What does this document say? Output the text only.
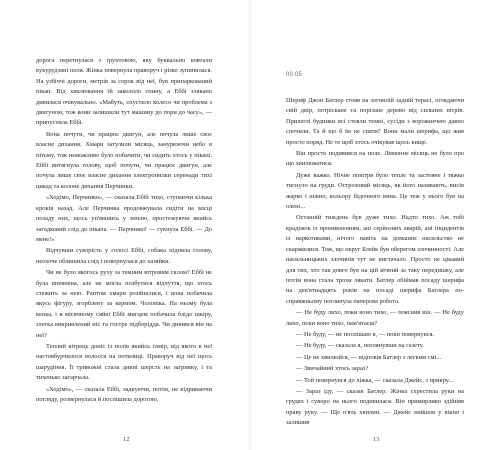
дорога перетнулася з ґрунтовою, яку буквально ковтали кукурудзяні поля. Жінка повернула праворуч і різко зупинилася. На узбіччі дороги, метрів за сорок від неї, був припаркований пікап. Від хвилювання їй закололо спину, а Еббі злякано дивилася очікувально. «Мабуть, спустило колесо чи проблема з двигуном, тож вони залишили тут машину до пори до часу», — припустила Еббі.

Вона почути, чи працює двигун, але почула лише своє власне дихання. Хмари затулили місяць, занурюючи небо в пітьму, тож неможливо було побачити, чи сидить хтось у пікапі. Еббі витягнула голову, щоб почути, чи працює двигун, але почула лише своє власне дихання електропилки серенади тихі цикад та колоне дихання Перчинки.

«Ходімо, Перчинко», — сказала Еббі тихо, ступаючи кілька кроків назад. Але Перчинка продовжувала сидіти на місці позаду них, щось уп'явшись у землю, простежуючи якийсь загадковий слід до пікапа. — Перчинко! — гукнула Еббі. — До мене!»

Відчувши суворість у голосі Еббі, собака підняла голову, неохоче облишила слід і повернулася до хазяйки.

Чи не було якогось руху за темним вітровим склом? Еббі не була впевнена, але не могла позбутися відчуття, що хтось стежить за нею. Раптом хмари розійшлися, і вона побачила якусь фігуру, згорблену за кермом. Чоловіка. На ньому була кепка, і в місячному сяйві Еббі мигцем побачила блідо шкіру, злегка викривлений ніс та гостре підборіддя. Чи дивився він на неї?

Теплий вітрець доніс із полів якийсь гамір, від якого в неї настовбурчилося волосся на потилиці. Праворуч від неї щось шарудіння. Її тривожні стала дивні шерсть на загривку, і та тихенько загарчала.

«Ходімо», — сказала Еббі, задкуючи, потім, не відриваючи погляду, розвернулася й поспішила дорогою,

12
00:05

Шериф Джон Батлер стояв на зогнилій задній терасі, оглядаючи свій двір, потріскане та порізане дерево від сильних вітрів. Прилеглі будинки всі стояли темні, сусіди з ворожнечею давно спочили. Та й що б їм не спати? Вони мали шерифа, що жив просто поряд. Не те щоб хтось очікував щось вище.

Він просто подивився на поле. Лимонне місяць не було про що хвилюватися.

Дуже важко. Нічне повітря було тепле та застояне і тяжко тиснуло на груди. Острозовий місяць, як його називають, висів жарко і ніжно, кольору бідочного вина. Це теж у нього був на олені...

Останній тиждень був дуже тихо. Надто тихо. Аж тобі крадіжок із проникненням, ані серйозних аварій, ані інцидентів із наркотиками, нічого навіть на домашнє насильство не скаржилися. Тож, що округ Блейк був оберегом злочинності. Але насильницьких злочинів тут не вистачало. Просто не цікавий для тих, хто так довго був на цій вічний за таку передишку, але потім вона стала трохи лякати. Батлер обіймав посаду шерифа на дев'ятнадцять років на посаді шерифа Батлера по-справжньому поглинула паперова робота.

— Не буду лихо, поки воно тихо, — пояснив він. — Не буду лихо, поки воно тихо, пам'ятаєш?

— Не буду, — не поспішаю я, — поки повернувся.

— Не буду, — сказала я, поглянувши на газету.

— Це не хвилюйся, — відповів Батлер з легким смі...

— Звичайний хтось зараз?

— Той повернувся до ліжка, — сказала Джейс, з прикру...

— Зараз іду, — сказав Батлер. Жінка схрестила руки на грудях і суворо на нього подивилася. Він примирливо здійняв праву руку. — Ще п'ять хвилин. — Джейс вийшов у вікно і залишив

13
